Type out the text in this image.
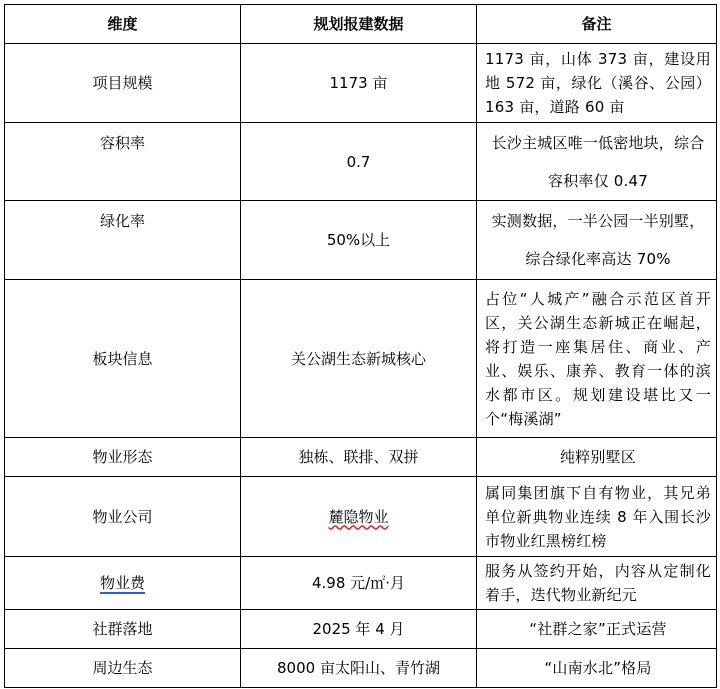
维度	规划报建数据	备注
项目规模	1173 亩	1173 亩，山体 373 亩，建设用地 572 亩，绿化（溪谷、公园）163 亩，道路 60 亩
容积率	0.7	长沙主城区唯一低密地块，综合容积率仅 0.47
绿化率	50%以上	实测数据，一半公园一半别墅，综合绿化率高达 70%
板块信息	关公湖生态新城核心	占位“人城产”融合示范区首开区，关公湖生态新城正在崛起，将打造一座集居住、商业、产业、娱乐、康养、教育一体的滨水都市区。规划建设堪比又一个“梅溪湖”
物业形态	独栋、联排、双拼	纯粹别墅区
物业公司	麓隐物业	属同集团旗下自有物业，其兄弟单位新典物业连续 8 年入围长沙市物业红黑榜红榜
物业费	4.98 元/㎡·月	服务从签约开始，内容从定制化着手，迭代物业新纪元
社群落地	2025 年 4 月	“社群之家”正式运营
周边生态	8000 亩太阳山、青竹湖	“山南水北”格局
